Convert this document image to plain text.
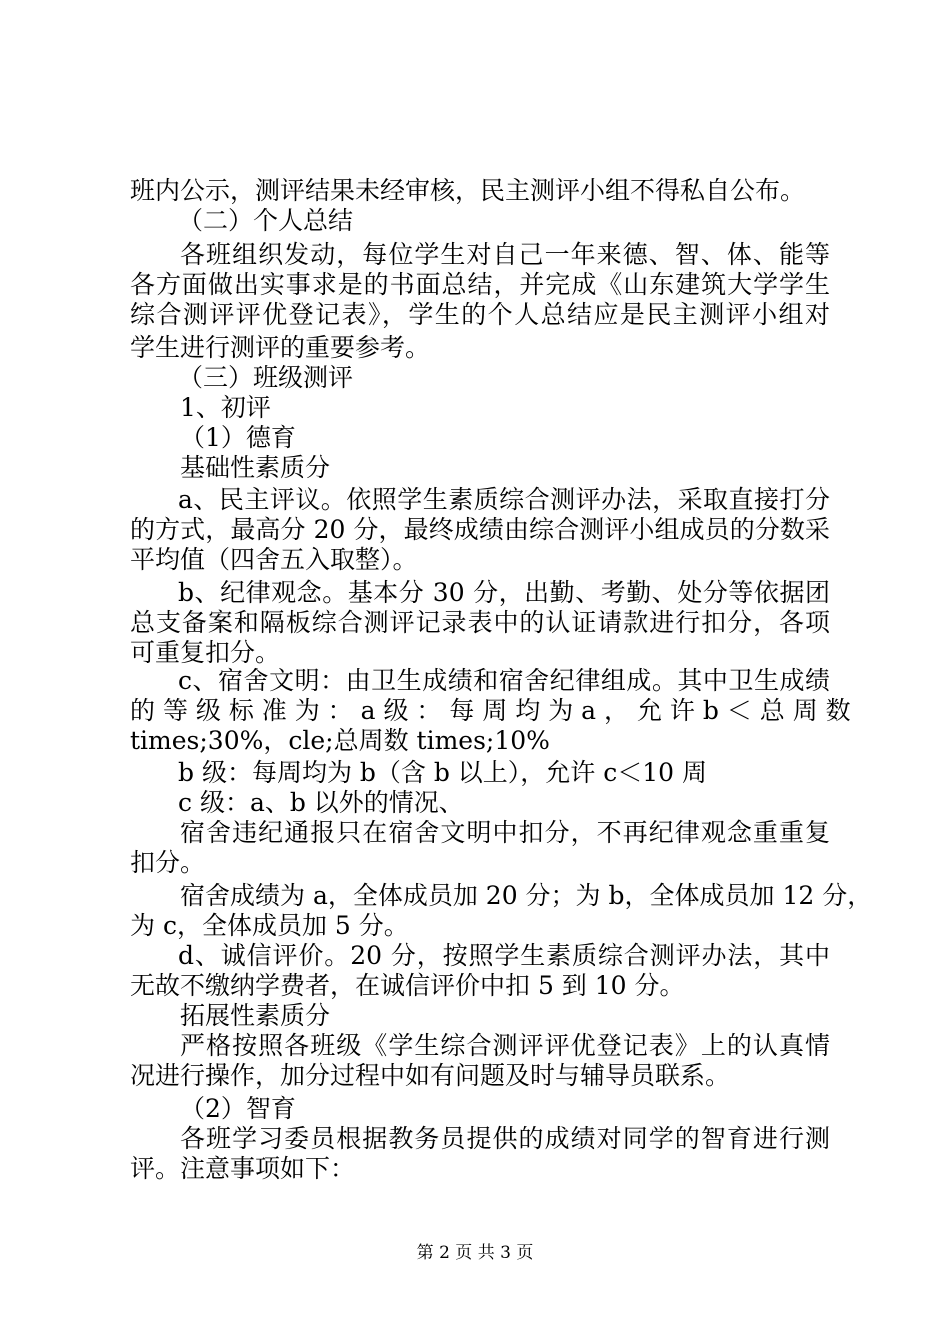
班内公示，测评结果未经审核，民主测评小组不得私自公布。
（二）个人总结
各班组织发动，每位学生对自己一年来德、智、体、能等
各方面做出实事求是的书面总结，并完成《山东建筑大学学生
综合测评评优登记表》，学生的个人总结应是民主测评小组对
学生进行测评的重要参考。
（三）班级测评
1、初评
（1）德育
基础性素质分
a、民主评议。依照学生素质综合测评办法，采取直接打分
的方式，最高分 20 分，最终成绩由综合测评小组成员的分数采
平均值（四舍五入取整）。
b、纪律观念。基本分 30 分，出勤、考勤、处分等依据团
总支备案和隔板综合测评记录表中的认证请款进行扣分，各项
可重复扣分。
c、宿舍文明：由卫生成绩和宿舍纪律组成。其中卫生成绩
的 等 级 标 准 为 ： a 级 ： 每 周 均 为 a ， 允 许 b ＜ 总 周 数
times;30%，cle;总周数 times;10%
b 级：每周均为 b（含 b 以上），允许 c＜10 周
c 级：a、b 以外的情况、
宿舍违纪通报只在宿舍文明中扣分，不再纪律观念重重复
扣分。
宿舍成绩为 a，全体成员加 20 分；为 b，全体成员加 12 分，
为 c，全体成员加 5 分。
d、诚信评价。20 分，按照学生素质综合测评办法，其中
无故不缴纳学费者，在诚信评价中扣 5 到 10 分。
拓展性素质分
严格按照各班级《学生综合测评评优登记表》上的认真情
况进行操作，加分过程中如有问题及时与辅导员联系。
（2）智育
各班学习委员根据教务员提供的成绩对同学的智育进行测
评。注意事项如下：
第 2 页 共 3 页
